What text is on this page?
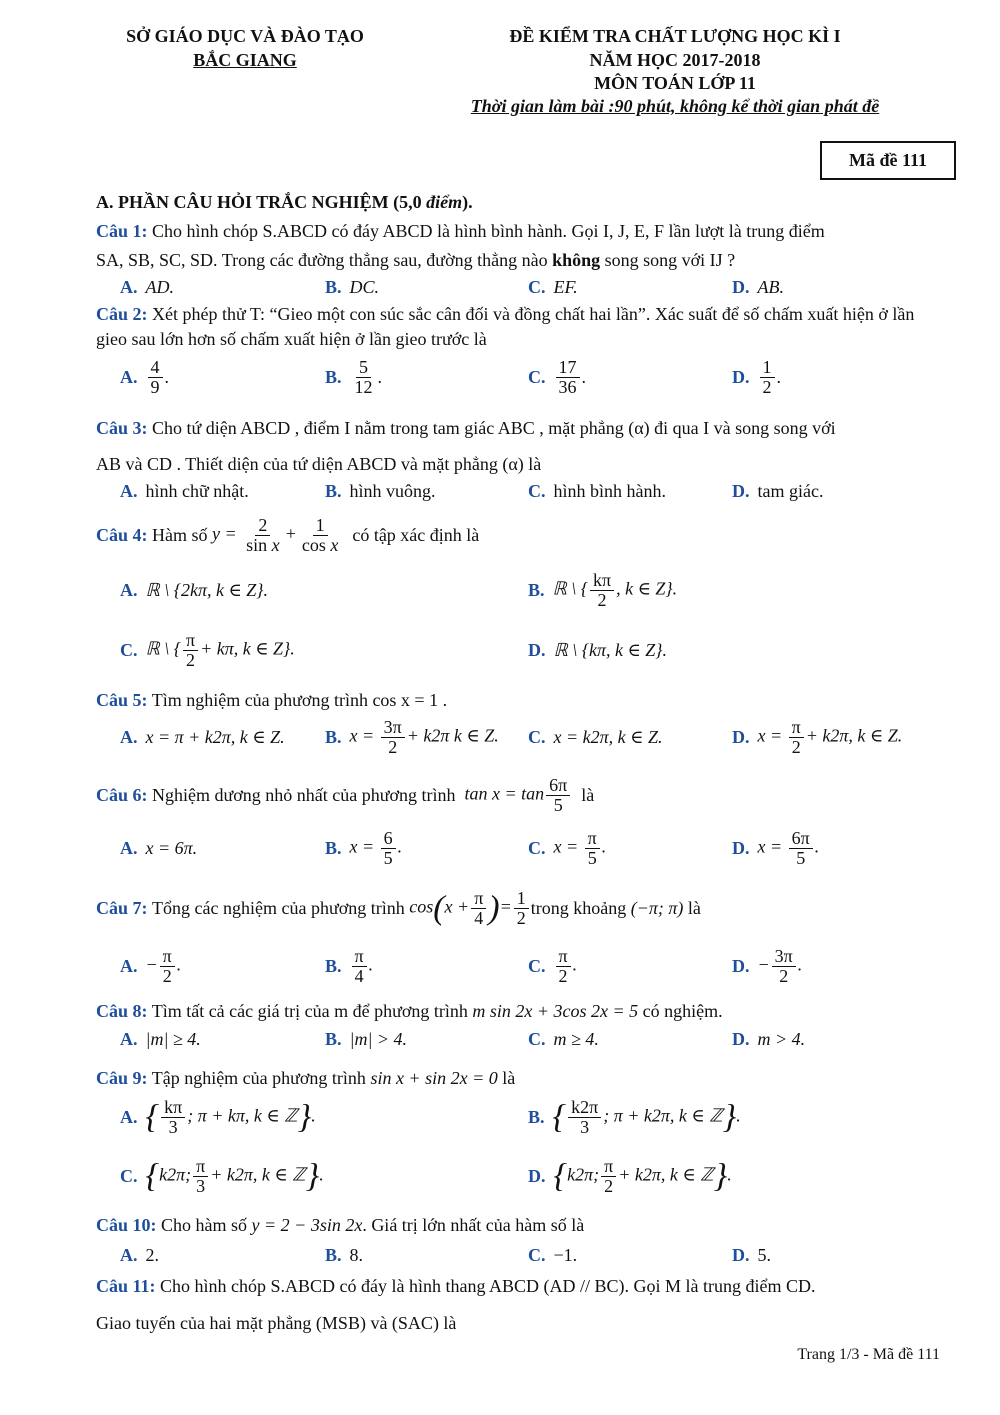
SỞ GIÁO DỤC VÀ ĐÀO TẠO
BẮC GIANG
ĐỀ KIỂM TRA CHẤT LƯỢNG HỌC KÌ I
NĂM HỌC 2017-2018
MÔN TOÁN LỚP 11
Thời gian làm bài :90 phút, không kể thời gian phát đề
Mã đề 111
A. PHẦN CÂU HỎI TRẮC NGHIỆM (5,0 điểm).
Câu 1: Cho hình chóp S.ABCD có đáy ABCD là hình bình hành. Gọi I, J, E, F lần lượt là trung điểm
SA, SB, SC, SD. Trong các đường thẳng sau, đường thẳng nào không song song với IJ ?
A. AD.	B. DC.	C. EF.	D. AB.
Câu 2: Xét phép thử T: “Gieo một con súc sắc cân đối và đồng chất hai lần”. Xác suất để số chấm xuất hiện ở lần gieo sau lớn hơn số chấm xuất hiện ở lần gieo trước là
A. $\frac{4}{9}$ .	B. $\frac{5}{12}$ .	C. $\frac{17}{36}$ .	D. $\frac{1}{2}$ .
Câu 3: Cho tứ diện ABCD , điểm I nằm trong tam giác ABC , mặt phẳng (α) đi qua I và song song với
AB và CD . Thiết diện của tứ diện ABCD và mặt phẳng (α) là
A. hình chữ nhật.	B. hình vuông.	C. hình bình hành.	D. tam giác.
Câu 4:
Hàm số
$y = \frac{2}{\text{sin x}} + \frac{1}{\text{cos x}}$
có tập xác định là
A. ℝ \ {2kπ, k ∈ Z}.	B. ℝ \ { $\frac{k\pi}{2}$ , k ∈ Z}.
C. ℝ \ { $\frac{\pi}{2} + k\pi$, k ∈ Z}.	D. ℝ \ {kπ, k ∈ Z}.
Câu 5: Tìm nghiệm của phương trình cos x = 1 .
A. x = π + k2π, k ∈ Z. B. $x = \frac{3\pi}{2} + k2\pi$ k ∈ Z. C. x = k2π, k ∈ Z.	D. $x = \frac{\pi}{2} + k2\pi$, k ∈ Z.
Câu 6:
Nghiệm dương nhỏ nhất của phương trình
$\tan x = \tan \frac{6\pi}{5}$
là
A. x = 6π.	B. $x = \frac{6}{5}$ .	C. $x = \frac{\pi}{5}$ .	D. $x = \frac{6\pi}{5}$ .
Câu 7:
Tổng các nghiệm của phương trình
$\cos(x + \frac{\pi}{4}$ )= $\frac{1}{2}$ trong khoảng
(−π; π)
là
A. − $\frac{\pi}{2}$ .	B. $\frac{\pi}{4}$ .	C. $\frac{\pi}{2}$ .	D. − $\frac{3\pi}{2}$ .
Câu 8: Tìm tất cả các giá trị của m để phương trình m sin 2x + 3cos 2x = 5 có nghiệm.
A. |m| ≥ 4.	B. |m| > 4.	C. m ≥ 4.	D. m > 4.
Câu 9: Tập nghiệm của phương trình sin x + sin 2x = 0 là
A. { $\frac{k\pi}{3}$ ; π + kπ, k ∈ ℤ}.	B. { $\frac{k2\pi}{3}$ ; π + k2π, k ∈ ℤ}.
C. {k2π; $\frac{\pi}{3} + k2\pi$, k ∈ ℤ}.	D. {k2π; $\frac{\pi}{2} + k2\pi$, k ∈ ℤ}.
Câu 10: Cho hàm số y = 2 − 3sin 2x. Giá trị lớn nhất của hàm số là
A. 2.	B. 8.	C. −1.	D. 5.
Câu 11: Cho hình chóp S.ABCD có đáy là hình thang ABCD (AD // BC). Gọi M là trung điểm CD.
Giao tuyến của hai mặt phẳng (MSB) và (SAC) là
Trang 1/3 - Mã đề 111
